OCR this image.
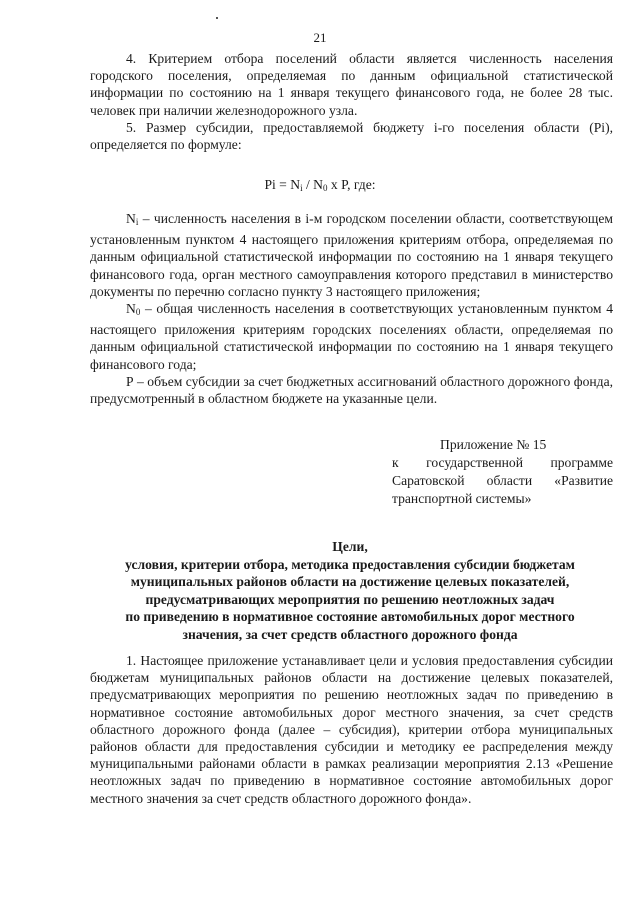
21

4. Критерием отбора поселений области является численность населения городского поселения, определяемая по данным официальной статистической информации по состоянию на 1 января текущего финансового года, не более 28 тыс. человек при наличии железнодорожного узла.

5. Размер субсидии, предоставляемой бюджету i-го поселения области (Pi), определяется по формуле:

$Pi = N_i / N_0$ x P, где:

$N_i$ – численность населения в i-м городском поселении области, соответствующем установленным пунктом 4 настоящего приложения критериям отбора, определяемая по данным официальной статистической информации по состоянию на 1 января текущего финансового года, орган местного самоуправления которого представил в министерство документы по перечню согласно пункту 3 настоящего приложения;

$N_0$ – общая численность населения в соответствующих установленным пунктом 4 настоящего приложения критериям городских поселениях области, определяемая по данным официальной статистической информации по состоянию на 1 января текущего финансового года;

Р – объем субсидии за счет бюджетных ассигнований областного дорожного фонда, предусмотренный в областном бюджете на указанные цели.

Приложение № 15
к государственной программе
Саратовской области «Развитие
транспортной системы»

Цели,

условия, критерии отбора, методика предоставления субсидии бюджетам

муниципальных районов области на достижение целевых показателей,

предусматривающих мероприятия по решению неотложных задач

по приведению в нормативное состояние автомобильных дорог местного

значения, за счет средств областного дорожного фонда

1. Настоящее приложение устанавливает цели и условия предоставления субсидии бюджетам муниципальных районов области на достижение целевых показателей, предусматривающих мероприятия по решению неотложных задач по приведению в нормативное состояние автомобильных дорог местного значения, за счет средств областного дорожного фонда (далее – субсидия), критерии отбора муниципальных районов области для предоставления субсидии и методику ее распределения между муниципальными районами области в рамках реализации мероприятия 2.13 «Решение неотложных задач по приведению в нормативное состояние автомобильных дорог местного значения за счет средств областного дорожного фонда».
